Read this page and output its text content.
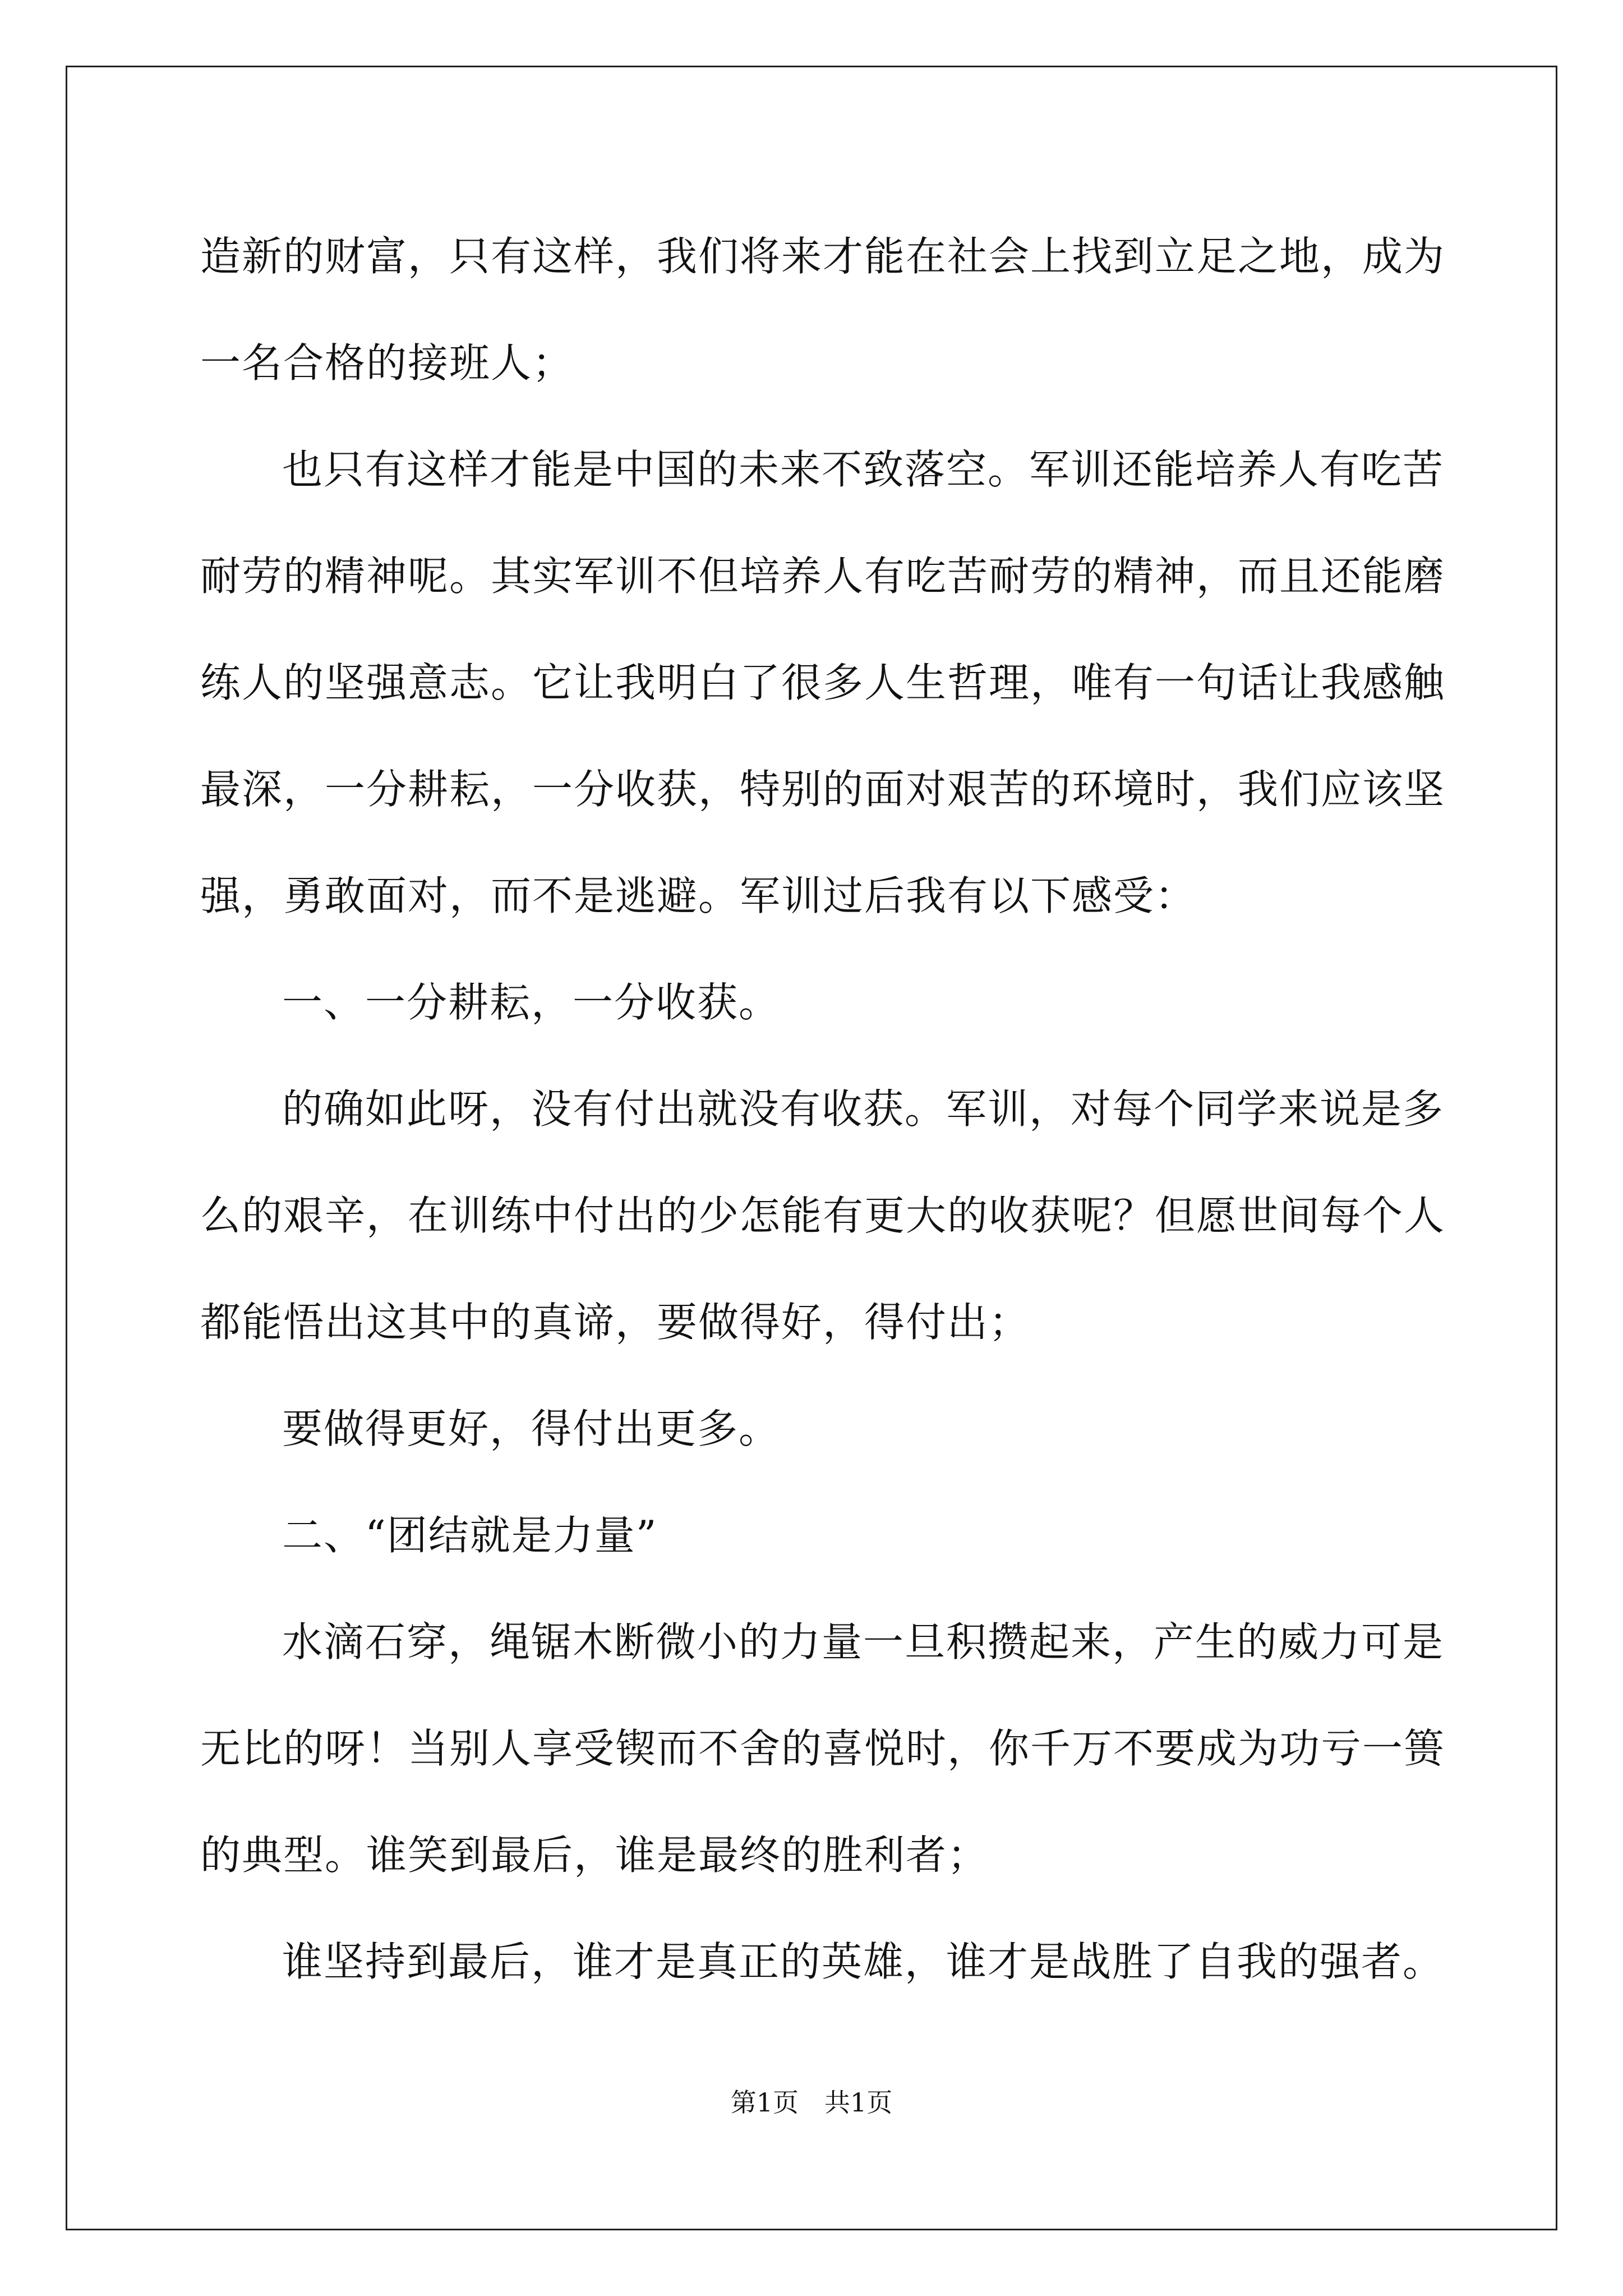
造新的财富，只有这样，我们将来才能在社会上找到立足之地，成为
一名合格的接班人；
也只有这样才能是中国的未来不致落空。军训还能培养人有吃苦
耐劳的精神呢。其实军训不但培养人有吃苦耐劳的精神，而且还能磨
练人的坚强意志。它让我明白了很多人生哲理，唯有一句话让我感触
最深，一分耕耘，一分收获，特别的面对艰苦的环境时，我们应该坚
强，勇敢面对，而不是逃避。军训过后我有以下感受：
一、一分耕耘，一分收获。
的确如此呀，没有付出就没有收获。军训，对每个同学来说是多
么的艰辛，在训练中付出的少怎能有更大的收获呢？但愿世间每个人
都能悟出这其中的真谛，要做得好，得付出；
要做得更好，得付出更多。
二、“团结就是力量”
水滴石穿，绳锯木断微小的力量一旦积攒起来，产生的威力可是
无比的呀！当别人享受锲而不舍的喜悦时，你千万不要成为功亏一篑
的典型。谁笑到最后，谁是最终的胜利者；
谁坚持到最后，谁才是真正的英雄，谁才是战胜了自我的强者。
第1页　共1页
